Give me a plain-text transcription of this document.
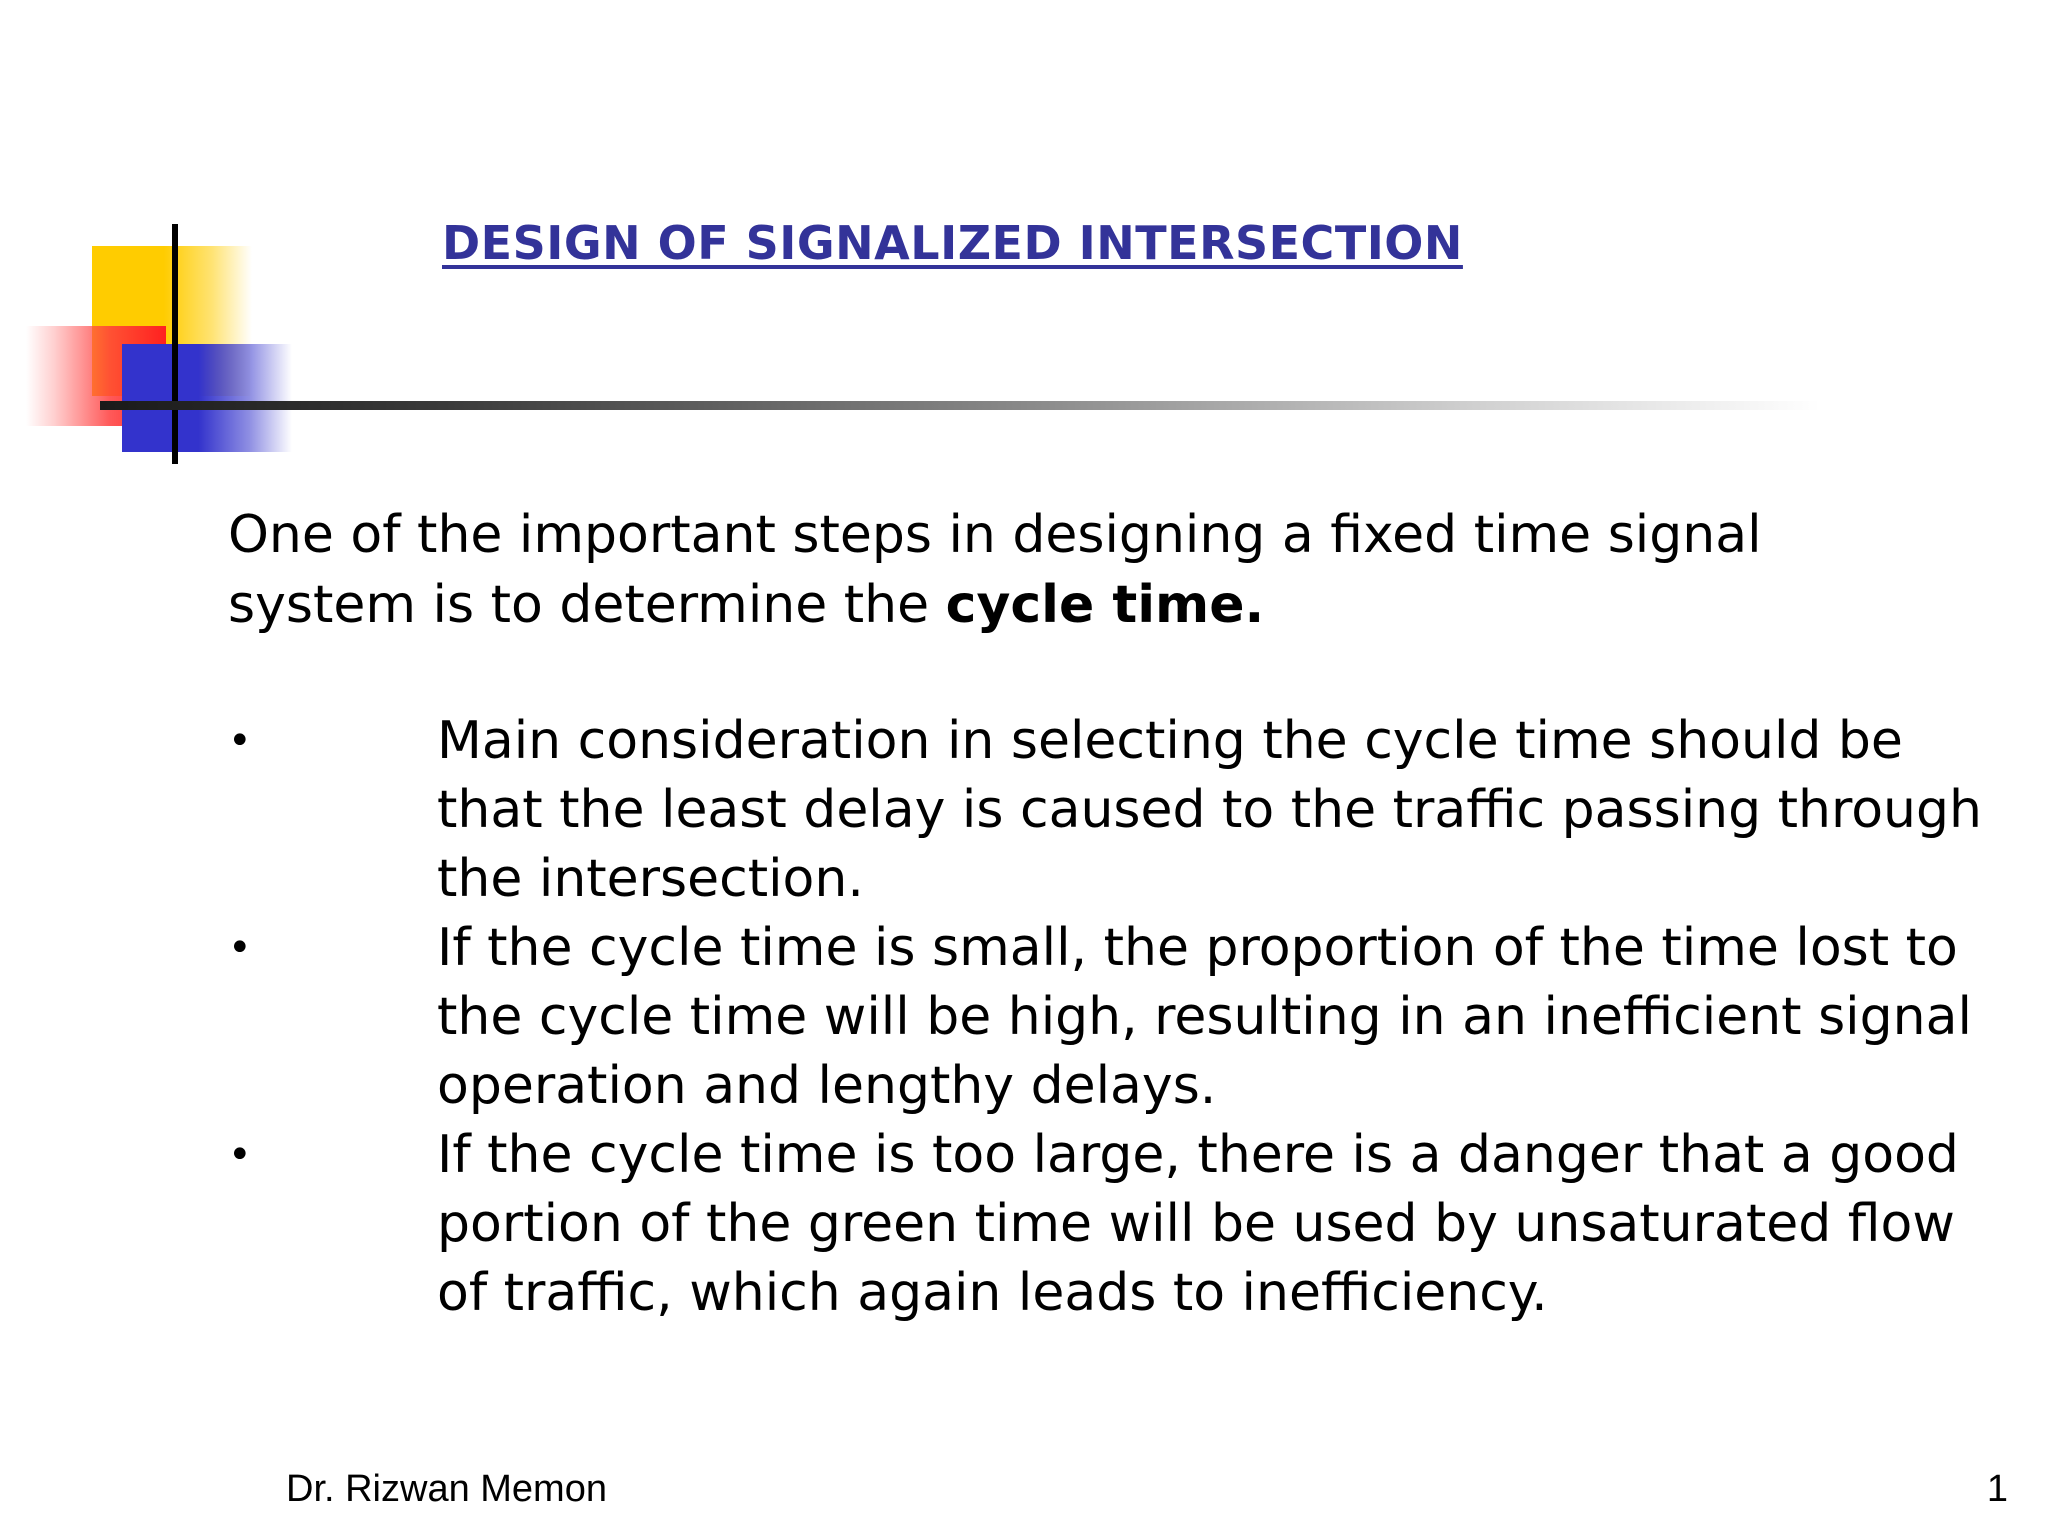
DESIGN OF SIGNALIZED INTERSECTION
One of the important steps in designing a fixed time signal system is to determine the cycle time.
•	Main consideration in selecting the cycle time should be that the least delay is caused to the traffic passing through the intersection.
•	If the cycle time is small, the proportion of the time lost to the cycle time will be high, resulting in an inefficient signal operation and lengthy delays.
•	If the cycle time is too large, there is a danger that a good portion of the green time will be used by unsaturated flow of traffic, which again leads to inefficiency.
Dr. Rizwan Memon	1
